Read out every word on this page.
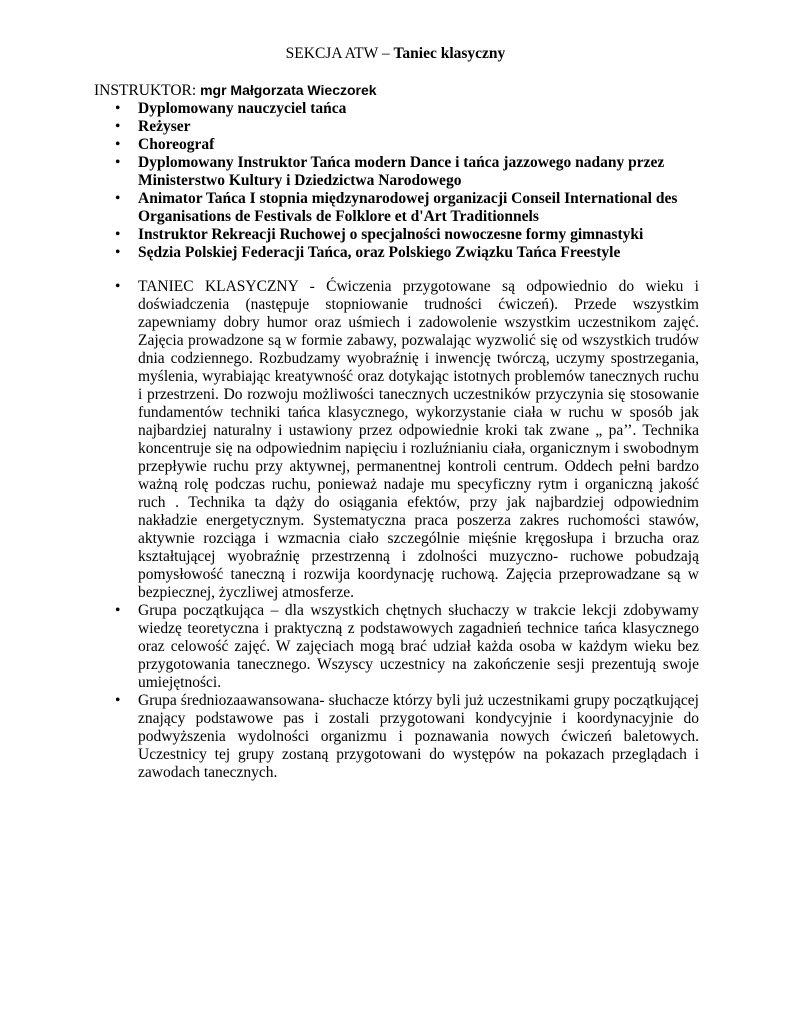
SEKCJA ATW – Taniec klasyczny
INSTRUKTOR: mgr Małgorzata Wieczorek
• Dyplomowany nauczyciel tańca
• Reżyser
• Choreograf
• Dyplomowany Instruktor Tańca modern Dance i tańca jazzowego nadany przez Ministerstwo Kultury i Dziedzictwa Narodowego
• Animator Tańca I stopnia międzynarodowej organizacji Conseil International des Organisations de Festivals de Folklore et d'Art Traditionnels
• Instruktor Rekreacji Ruchowej o specjalności nowoczesne formy gimnastyki
• Sędzia Polskiej Federacji Tańca, oraz Polskiego Związku Tańca Freestyle
• TANIEC KLASYCZNY - Ćwiczenia przygotowane są odpowiednio do wieku i doświadczenia (następuje stopniowanie trudności ćwiczeń). Przede wszystkim zapewniamy dobry humor oraz uśmiech i zadowolenie wszystkim uczestnikom zajęć. Zajęcia prowadzone są w formie zabawy, pozwalając wyzwolić się od wszystkich trudów dnia codziennego. Rozbudzamy wyobraźnię i inwencję twórczą, uczymy spostrzegania, myślenia, wyrabiając kreatywność oraz dotykając istotnych problemów tanecznych ruchu i przestrzeni. Do rozwoju możliwości tanecznych uczestników przyczynia się stosowanie fundamentów techniki tańca klasycznego, wykorzystanie ciała w ruchu w sposób jak najbardziej naturalny i ustawiony przez odpowiednie kroki tak zwane „ pa’’. Technika koncentruje się na odpowiednim napięciu i rozluźnianiu ciała, organicznym i swobodnym przepływie ruchu przy aktywnej, permanentnej kontroli centrum. Oddech pełni bardzo ważną rolę podczas ruchu, ponieważ nadaje mu specyficzny rytm i organiczną jakość ruch . Technika ta dąży do osiągania efektów, przy jak najbardziej odpowiednim nakładzie energetycznym. Systematyczna praca poszerza zakres ruchomości stawów, aktywnie rozciąga i wzmacnia ciało szczególnie mięśnie kręgosłupa i brzucha oraz kształtującej wyobraźnię przestrzenną i zdolności muzyczno- ruchowe pobudzają pomysłowość taneczną i rozwija koordynację ruchową. Zajęcia przeprowadzane są w bezpiecznej, życzliwej atmosferze.
• Grupa początkująca – dla wszystkich chętnych słuchaczy w trakcie lekcji zdobywamy wiedzę teoretyczna i praktyczną z podstawowych zagadnień technice tańca klasycznego oraz celowość zajęć. W zajęciach mogą brać udział każda osoba w każdym wieku bez przygotowania tanecznego. Wszyscy uczestnicy na zakończenie sesji prezentują swoje umiejętności.
• Grupa średniozaawansowana- słuchacze którzy byli już uczestnikami grupy początkującej znający podstawowe pas i zostali przygotowani kondycyjnie i koordynacyjnie do podwyższenia wydolności organizmu i poznawania nowych ćwiczeń baletowych. Uczestnicy tej grupy zostaną przygotowani do występów na pokazach przeglądach i zawodach tanecznych.
